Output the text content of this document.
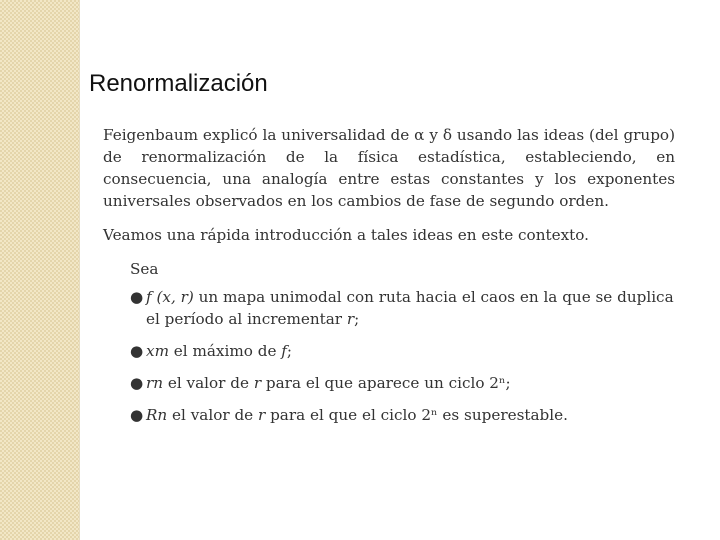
Renormalización

Feigenbaum explicó la universalidad de α y δ usando las ideas (del grupo) de renormalización de la física estadística, estableciendo, en consecuencia, una analogía entre estas constantes y los exponentes universales observados en los cambios de fase de segundo orden.

Veamos una rápida introducción a tales ideas en este contexto.

Sea
● f (x, r) un mapa unimodal con ruta hacia el caos en la que se duplica el período al incrementar r;
● xm el máximo de f;
● rn el valor de r para el que aparece un ciclo 2ⁿ;
● Rn el valor de r para el que el ciclo 2ⁿ es superestable.
